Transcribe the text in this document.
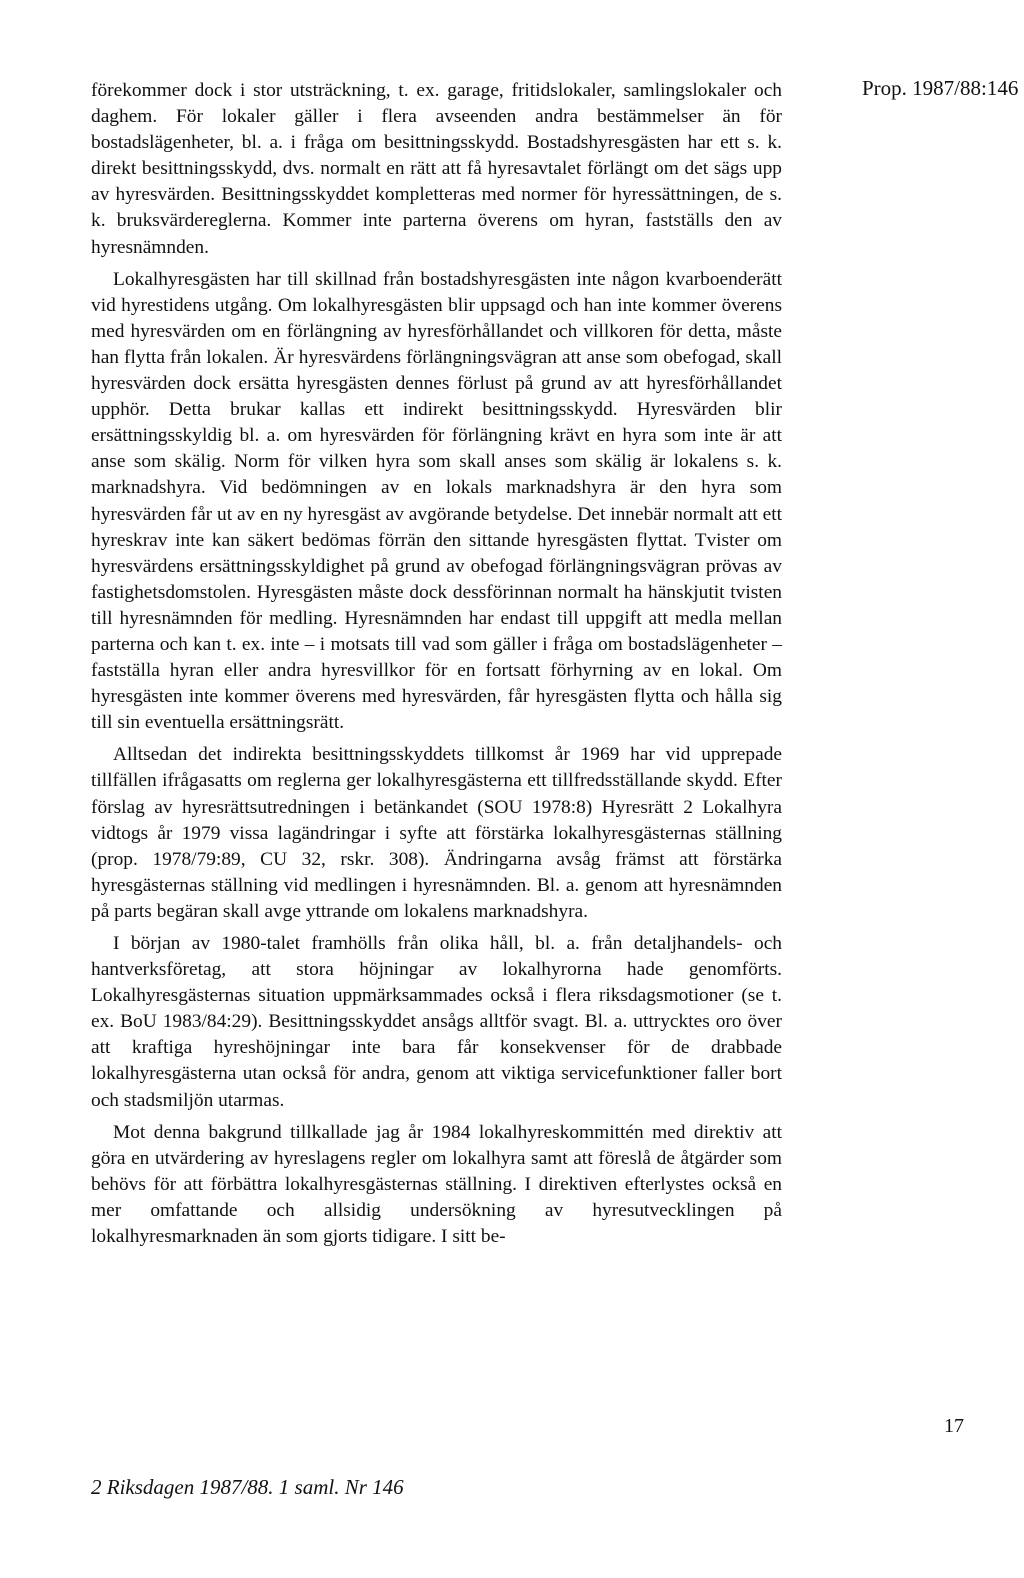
Prop. 1987/88:146

förekommer dock i stor utsträckning, t. ex. garage, fritidslokaler, samlingslokaler och daghem. För lokaler gäller i flera avseenden andra bestämmelser än för bostadslägenheter, bl. a. i fråga om besittningsskydd. Bostadshyresgästen har ett s. k. direkt besittningsskydd, dvs. normalt en rätt att få hyresavtalet förlängt om det sägs upp av hyresvärden. Besittningsskyddet kompletteras med normer för hyressättningen, de s. k. bruksvärdereglerna. Kommer inte parterna överens om hyran, fastställs den av hyresnämnden.

Lokalhyresgästen har till skillnad från bostadshyresgästen inte någon kvarboenderätt vid hyrestidens utgång. Om lokalhyresgästen blir uppsagd och han inte kommer överens med hyresvärden om en förlängning av hyresförhållandet och villkoren för detta, måste han flytta från lokalen. Är hyresvärdens förlängningsvägran att anse som obefogad, skall hyresvärden dock ersätta hyresgästen dennes förlust på grund av att hyresförhållandet upphör. Detta brukar kallas ett indirekt besittningsskydd. Hyresvärden blir ersättningsskyldig bl. a. om hyresvärden för förlängning krävt en hyra som inte är att anse som skälig. Norm för vilken hyra som skall anses som skälig är lokalens s. k. marknadshyra. Vid bedömningen av en lokals marknadshyra är den hyra som hyresvärden får ut av en ny hyresgäst av avgörande betydelse. Det innebär normalt att ett hyreskrav inte kan säkert bedömas förrän den sittande hyresgästen flyttat. Tvister om hyresvärdens ersättningsskyldighet på grund av obefogad förlängningsvägran prövas av fastighetsdomstolen. Hyresgästen måste dock dessförinnan normalt ha hänskjutit tvisten till hyresnämnden för medling. Hyresnämnden har endast till uppgift att medla mellan parterna och kan t. ex. inte – i motsats till vad som gäller i fråga om bostadslägenheter – fastställa hyran eller andra hyresvillkor för en fortsatt förhyrning av en lokal. Om hyresgästen inte kommer överens med hyresvärden, får hyresgästen flytta och hålla sig till sin eventuella ersättningsrätt.

Alltsedan det indirekta besittningsskyddets tillkomst år 1969 har vid upprepade tillfällen ifrågasatts om reglerna ger lokalhyresgästerna ett tillfredsställande skydd. Efter förslag av hyresrättsutredningen i betänkandet (SOU 1978:8) Hyresrätt 2 Lokalhyra vidtogs år 1979 vissa lagändringar i syfte att förstärka lokalhyresgästernas ställning (prop. 1978/79:89, CU 32, rskr. 308). Ändringarna avsåg främst att förstärka hyresgästernas ställning vid medlingen i hyresnämnden. Bl. a. genom att hyresnämnden på parts begäran skall avge yttrande om lokalens marknadshyra.

I början av 1980-talet framhölls från olika håll, bl. a. från detaljhandels- och hantverksföretag, att stora höjningar av lokalhyrorna hade genomförts. Lokalhyresgästernas situation uppmärksammades också i flera riksdagsmotioner (se t. ex. BoU 1983/84:29). Besittningsskyddet ansågs alltför svagt. Bl. a. uttrycktes oro över att kraftiga hyreshöjningar inte bara får konsekvenser för de drabbade lokalhyresgästerna utan också för andra, genom att viktiga servicefunktioner faller bort och stadsmiljön utarmas.

Mot denna bakgrund tillkallade jag år 1984 lokalhyreskommittén med direktiv att göra en utvärdering av hyreslagens regler om lokalhyra samt att föreslå de åtgärder som behövs för att förbättra lokalhyresgästernas ställning. I direktiven efterlystes också en mer omfattande och allsidig undersökning av hyresutvecklingen på lokalhyresmarknaden än som gjorts tidigare. I sitt be-

17
2 Riksdagen 1987/88. 1 saml. Nr 146
